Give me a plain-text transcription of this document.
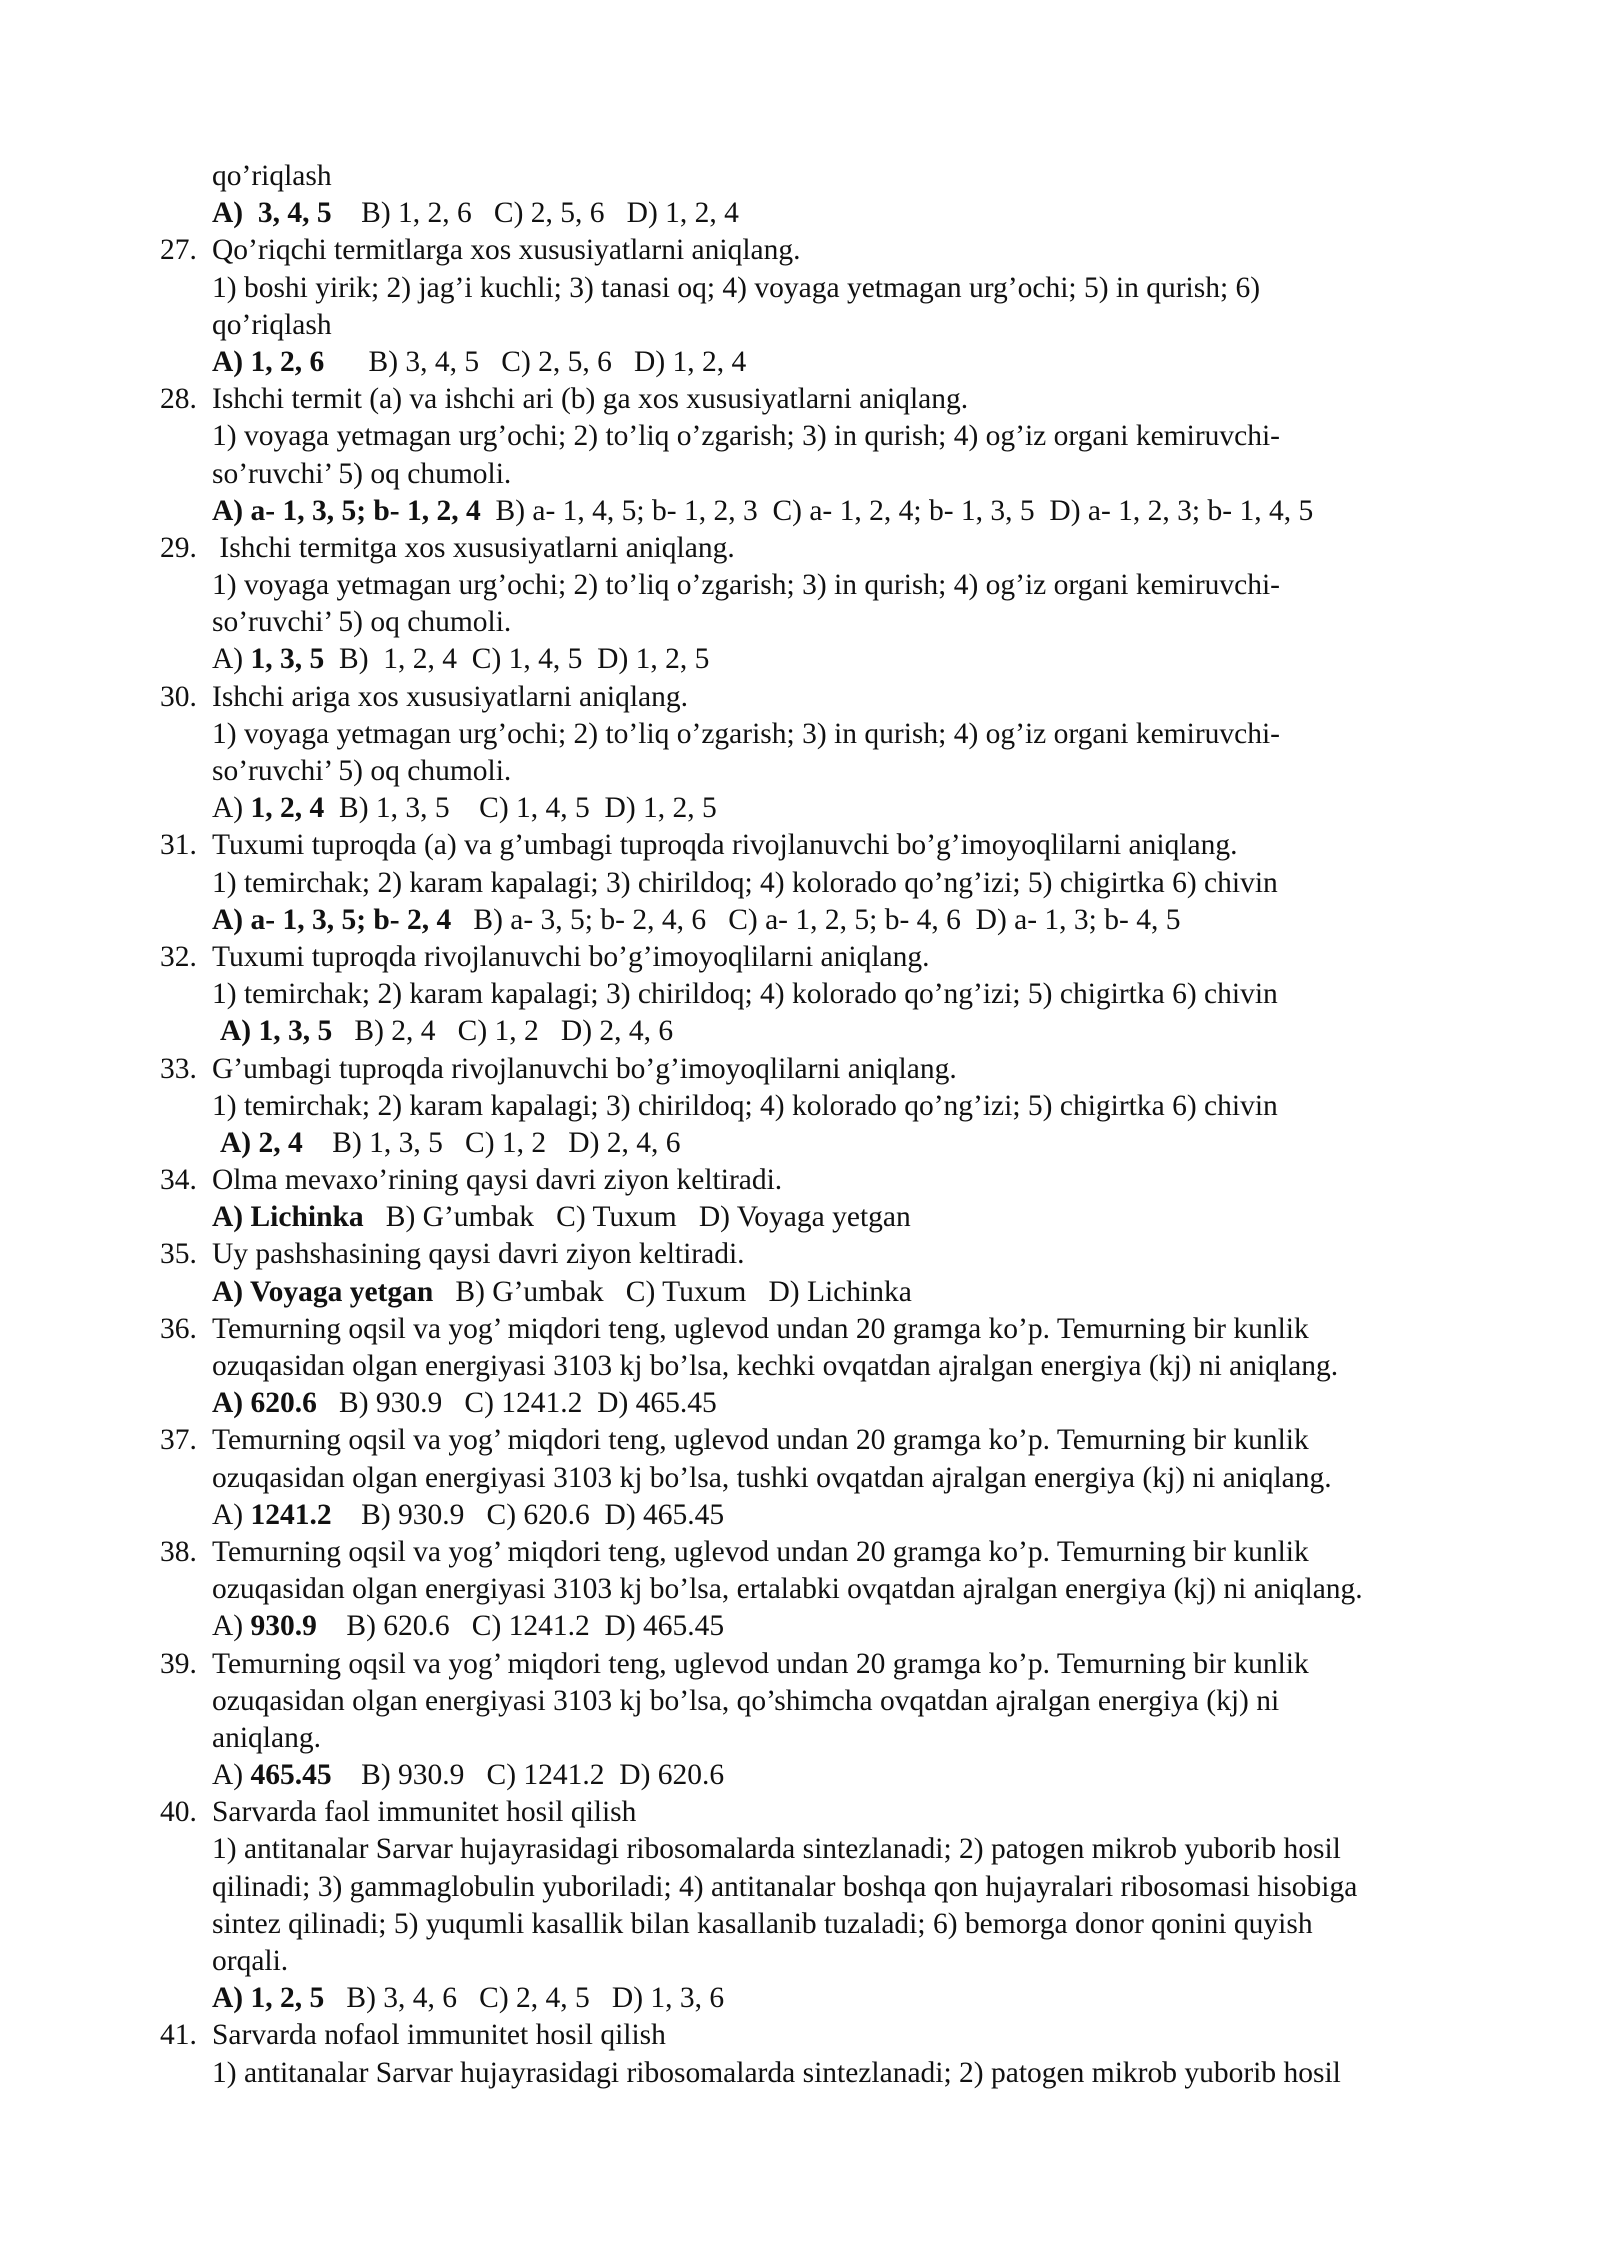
qo’riqlash
A)  3, 4, 5    B) 1, 2, 6   C) 2, 5, 6   D) 1, 2, 4
27. Qo’riqchi termitlarga xos xususiyatlarni aniqlang.
1) boshi yirik; 2) jag’i kuchli; 3) tanasi oq; 4) voyaga yetmagan urg’ochi; 5) in qurish; 6)
qo’riqlash
A) 1, 2, 6      B) 3, 4, 5   C) 2, 5, 6   D) 1, 2, 4
28. Ishchi termit (a) va ishchi ari (b) ga xos xususiyatlarni aniqlang.
1) voyaga yetmagan urg’ochi; 2) to’liq o’zgarish; 3) in qurish; 4) og’iz organi kemiruvchi-
so’ruvchi’ 5) oq chumoli.
A) a- 1, 3, 5; b- 1, 2, 4  B) a- 1, 4, 5; b- 1, 2, 3  C) a- 1, 2, 4; b- 1, 3, 5  D) a- 1, 2, 3; b- 1, 4, 5
29. Ishchi termitga xos xususiyatlarni aniqlang.
1) voyaga yetmagan urg’ochi; 2) to’liq o’zgarish; 3) in qurish; 4) og’iz organi kemiruvchi-
so’ruvchi’ 5) oq chumoli.
A) 1, 3, 5  B)  1, 2, 4  C) 1, 4, 5  D) 1, 2, 5
30. Ishchi ariga xos xususiyatlarni aniqlang.
1) voyaga yetmagan urg’ochi; 2) to’liq o’zgarish; 3) in qurish; 4) og’iz organi kemiruvchi-
so’ruvchi’ 5) oq chumoli.
A) 1, 2, 4  B) 1, 3, 5    C) 1, 4, 5  D) 1, 2, 5
31. Tuxumi tuproqda (a) va g’umbagi tuproqda rivojlanuvchi bo’g’imoyoqlilarni aniqlang.
1) temirchak; 2) karam kapalagi; 3) chirildoq; 4) kolorado qo’ng’izi; 5) chigirtka 6) chivin
A) a- 1, 3, 5; b- 2, 4   B) a- 3, 5; b- 2, 4, 6   C) a- 1, 2, 5; b- 4, 6  D) a- 1, 3; b- 4, 5
32. Tuxumi tuproqda rivojlanuvchi bo’g’imoyoqlilarni aniqlang.
1) temirchak; 2) karam kapalagi; 3) chirildoq; 4) kolorado qo’ng’izi; 5) chigirtka 6) chivin
A) 1, 3, 5   B) 2, 4   C) 1, 2   D) 2, 4, 6
33. G’umbagi tuproqda rivojlanuvchi bo’g’imoyoqlilarni aniqlang.
1) temirchak; 2) karam kapalagi; 3) chirildoq; 4) kolorado qo’ng’izi; 5) chigirtka 6) chivin
A) 2, 4    B) 1, 3, 5   C) 1, 2   D) 2, 4, 6
34. Olma mevaxo’rining qaysi davri ziyon keltiradi.
A) Lichinka   B) G’umbak   C) Tuxum   D) Voyaga yetgan
35. Uy pashshasining qaysi davri ziyon keltiradi.
A) Voyaga yetgan   B) G’umbak   C) Tuxum   D) Lichinka
36. Temurning oqsil va yog’ miqdori teng, uglevod undan 20 gramga ko’p. Temurning bir kunlik
ozuqasidan olgan energiyasi 3103 kj bo’lsa, kechki ovqatdan ajralgan energiya (kj) ni aniqlang.
A) 620.6   B) 930.9   C) 1241.2  D) 465.45
37. Temurning oqsil va yog’ miqdori teng, uglevod undan 20 gramga ko’p. Temurning bir kunlik
ozuqasidan olgan energiyasi 3103 kj bo’lsa, tushki ovqatdan ajralgan energiya (kj) ni aniqlang.
A) 1241.2    B) 930.9   C) 620.6  D) 465.45
38. Temurning oqsil va yog’ miqdori teng, uglevod undan 20 gramga ko’p. Temurning bir kunlik
ozuqasidan olgan energiyasi 3103 kj bo’lsa, ertalabki ovqatdan ajralgan energiya (kj) ni aniqlang.
A) 930.9    B) 620.6   C) 1241.2  D) 465.45
39. Temurning oqsil va yog’ miqdori teng, uglevod undan 20 gramga ko’p. Temurning bir kunlik
ozuqasidan olgan energiyasi 3103 kj bo’lsa, qo’shimcha ovqatdan ajralgan energiya (kj) ni
aniqlang.
A) 465.45    B) 930.9   C) 1241.2  D) 620.6
40. Sarvarda faol immunitet hosil qilish
1) antitanalar Sarvar hujayrasidagi ribosomalarda sintezlanadi; 2) patogen mikrob yuborib hosil
qilinadi; 3) gammaglobulin yuboriladi; 4) antitanalar boshqa qon hujayralari ribosomasi hisobiga
sintez qilinadi; 5) yuqumli kasallik bilan kasallanib tuzaladi; 6) bemorga donor qonini quyish
orqali.
A) 1, 2, 5   B) 3, 4, 6   C) 2, 4, 5   D) 1, 3, 6
41. Sarvarda nofaol immunitet hosil qilish
1) antitanalar Sarvar hujayrasidagi ribosomalarda sintezlanadi; 2) patogen mikrob yuborib hosil
